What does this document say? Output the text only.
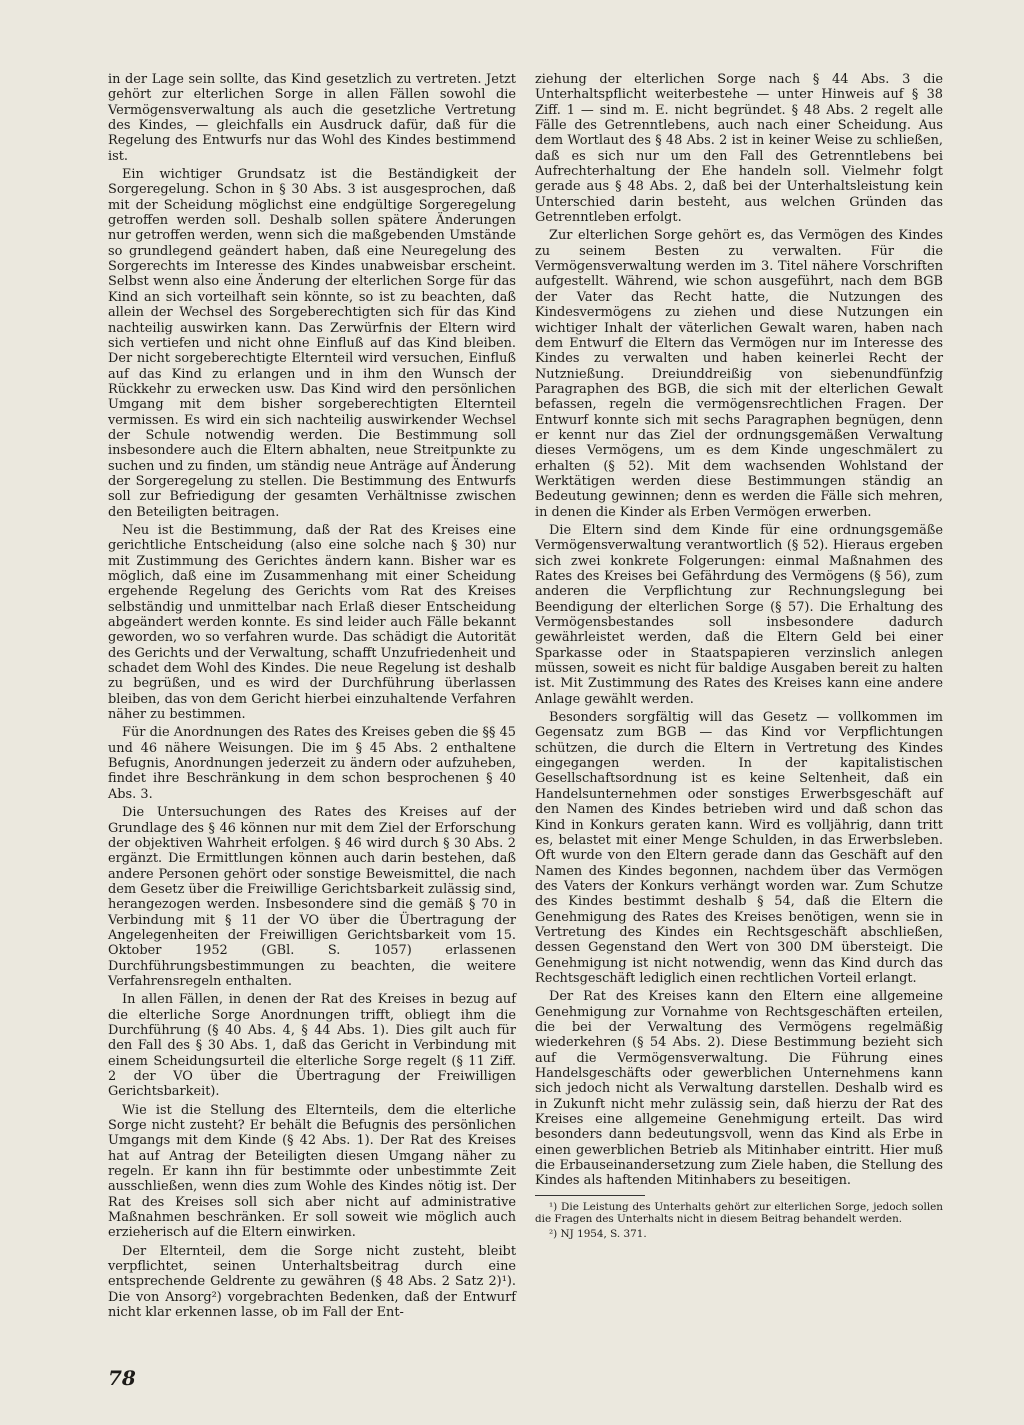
in der Lage sein sollte, das Kind gesetzlich zu vertreten. Jetzt gehört zur elterlichen Sorge in allen Fällen sowohl die Vermögensverwaltung als auch die gesetzliche Vertretung des Kindes, — gleichfalls ein Ausdruck dafür, daß für die Regelung des Entwurfs nur das Wohl des Kindes bestimmend ist.

Ein wichtiger Grundsatz ist die Beständigkeit der Sorgeregelung. Schon in § 30 Abs. 3 ist ausgesprochen, daß mit der Scheidung möglichst eine endgültige Sorgeregelung getroffen werden soll. Deshalb sollen spätere Änderungen nur getroffen werden, wenn sich die maßgebenden Umstände so grundlegend geändert haben, daß eine Neuregelung des Sorgerechts im Interesse des Kindes unabweisbar erscheint. Selbst wenn also eine Änderung der elterlichen Sorge für das Kind an sich vorteilhaft sein könnte, so ist zu beachten, daß allein der Wechsel des Sorgeberechtigten sich für das Kind nachteilig auswirken kann. Das Zerwürfnis der Eltern wird sich vertiefen und nicht ohne Einfluß auf das Kind bleiben. Der nicht sorgeberechtigte Elternteil wird versuchen, Einfluß auf das Kind zu erlangen und in ihm den Wunsch der Rückkehr zu erwecken usw. Das Kind wird den persönlichen Umgang mit dem bisher sorgeberechtigten Elternteil vermissen. Es wird ein sich nachteilig auswirkender Wechsel der Schule notwendig werden. Die Bestimmung soll insbesondere auch die Eltern abhalten, neue Streitpunkte zu suchen und zu finden, um ständig neue Anträge auf Änderung der Sorgeregelung zu stellen. Die Bestimmung des Entwurfs soll zur Befriedigung der gesamten Verhältnisse zwischen den Beteiligten beitragen.

Neu ist die Bestimmung, daß der Rat des Kreises eine gerichtliche Entscheidung (also eine solche nach § 30) nur mit Zustimmung des Gerichtes ändern kann. Bisher war es möglich, daß eine im Zusammenhang mit einer Scheidung ergehende Regelung des Gerichts vom Rat des Kreises selbständig und unmittelbar nach Erlaß dieser Entscheidung abgeändert werden konnte. Es sind leider auch Fälle bekannt geworden, wo so verfahren wurde. Das schädigt die Autorität des Gerichts und der Verwaltung, schafft Unzufriedenheit und schadet dem Wohl des Kindes. Die neue Regelung ist deshalb zu begrüßen, und es wird der Durchführung überlassen bleiben, das von dem Gericht hierbei einzuhaltende Verfahren näher zu bestimmen.

Für die Anordnungen des Rates des Kreises geben die §§ 45 und 46 nähere Weisungen. Die im § 45 Abs. 2 enthaltene Befugnis, Anordnungen jederzeit zu ändern oder aufzuheben, findet ihre Beschränkung in dem schon besprochenen § 40 Abs. 3.

Die Untersuchungen des Rates des Kreises auf der Grundlage des § 46 können nur mit dem Ziel der Erforschung der objektiven Wahrheit erfolgen. § 46 wird durch § 30 Abs. 2 ergänzt. Die Ermittlungen können auch darin bestehen, daß andere Personen gehört oder sonstige Beweismittel, die nach dem Gesetz über die Freiwillige Gerichtsbarkeit zulässig sind, herangezogen werden. Insbesondere sind die gemäß § 70 in Verbindung mit § 11 der VO über die Übertragung der Angelegenheiten der Freiwilligen Gerichtsbarkeit vom 15. Oktober 1952 (GBl. S. 1057) erlassenen Durchführungsbestimmungen zu beachten, die weitere Verfahrensregeln enthalten.

In allen Fällen, in denen der Rat des Kreises in bezug auf die elterliche Sorge Anordnungen trifft, obliegt ihm die Durchführung (§ 40 Abs. 4, § 44 Abs. 1). Dies gilt auch für den Fall des § 30 Abs. 1, daß das Gericht in Verbindung mit einem Scheidungsurteil die elterliche Sorge regelt (§ 11 Ziff. 2 der VO über die Übertragung der Freiwilligen Gerichtsbarkeit).

Wie ist die Stellung des Elternteils, dem die elterliche Sorge nicht zusteht? Er behält die Befugnis des persönlichen Umgangs mit dem Kinde (§ 42 Abs. 1). Der Rat des Kreises hat auf Antrag der Beteiligten diesen Umgang näher zu regeln. Er kann ihn für bestimmte oder unbestimmte Zeit ausschließen, wenn dies zum Wohle des Kindes nötig ist. Der Rat des Kreises soll sich aber nicht auf administrative Maßnahmen beschränken. Er soll soweit wie möglich auch erzieherisch auf die Eltern einwirken.

Der Elternteil, dem die Sorge nicht zusteht, bleibt verpflichtet, seinen Unterhaltsbeitrag durch eine entsprechende Geldrente zu gewähren (§ 48 Abs. 2 Satz 2)¹). Die von Ansorg²) vorgebrachten Bedenken, daß der Entwurf nicht klar erkennen lasse, ob im Fall der Ent-

ziehung der elterlichen Sorge nach § 44 Abs. 3 die Unterhaltspflicht weiterbestehe — unter Hinweis auf § 38 Ziff. 1 — sind m. E. nicht begründet. § 48 Abs. 2 regelt alle Fälle des Getrenntlebens, auch nach einer Scheidung. Aus dem Wortlaut des § 48 Abs. 2 ist in keiner Weise zu schließen, daß es sich nur um den Fall des Getrenntlebens bei Aufrechterhaltung der Ehe handeln soll. Vielmehr folgt gerade aus § 48 Abs. 2, daß bei der Unterhaltsleistung kein Unterschied darin besteht, aus welchen Gründen das Getrenntleben erfolgt.

Zur elterlichen Sorge gehört es, das Vermögen des Kindes zu seinem Besten zu verwalten. Für die Vermögensverwaltung werden im 3. Titel nähere Vorschriften aufgestellt. Während, wie schon ausgeführt, nach dem BGB der Vater das Recht hatte, die Nutzungen des Kindesvermögens zu ziehen und diese Nutzungen ein wichtiger Inhalt der väterlichen Gewalt waren, haben nach dem Entwurf die Eltern das Vermögen nur im Interesse des Kindes zu verwalten und haben keinerlei Recht der Nutznießung. Dreiunddreißig von siebenundfünfzig Paragraphen des BGB, die sich mit der elterlichen Gewalt befassen, regeln die vermögensrechtlichen Fragen. Der Entwurf konnte sich mit sechs Paragraphen begnügen, denn er kennt nur das Ziel der ordnungsgemäßen Verwaltung dieses Vermögens, um es dem Kinde ungeschmälert zu erhalten (§ 52). Mit dem wachsenden Wohlstand der Werktätigen werden diese Bestimmungen ständig an Bedeutung gewinnen; denn es werden die Fälle sich mehren, in denen die Kinder als Erben Vermögen erwerben.

Die Eltern sind dem Kinde für eine ordnungsgemäße Vermögensverwaltung verantwortlich (§ 52). Hieraus ergeben sich zwei konkrete Folgerungen: einmal Maßnahmen des Rates des Kreises bei Gefährdung des Vermögens (§ 56), zum anderen die Verpflichtung zur Rechnungslegung bei Beendigung der elterlichen Sorge (§ 57). Die Erhaltung des Vermögensbestandes soll insbesondere dadurch gewährleistet werden, daß die Eltern Geld bei einer Sparkasse oder in Staatspapieren verzinslich anlegen müssen, soweit es nicht für baldige Ausgaben bereit zu halten ist. Mit Zustimmung des Rates des Kreises kann eine andere Anlage gewählt werden.

Besonders sorgfältig will das Gesetz — vollkommen im Gegensatz zum BGB — das Kind vor Verpflichtungen schützen, die durch die Eltern in Vertretung des Kindes eingegangen werden. In der kapitalistischen Gesellschaftsordnung ist es keine Seltenheit, daß ein Handelsunternehmen oder sonstiges Erwerbsgeschäft auf den Namen des Kindes betrieben wird und daß schon das Kind in Konkurs geraten kann. Wird es volljährig, dann tritt es, belastet mit einer Menge Schulden, in das Erwerbsleben. Oft wurde von den Eltern gerade dann das Geschäft auf den Namen des Kindes begonnen, nachdem über das Vermögen des Vaters der Konkurs verhängt worden war. Zum Schutze des Kindes bestimmt deshalb § 54, daß die Eltern die Genehmigung des Rates des Kreises benötigen, wenn sie in Vertretung des Kindes ein Rechtsgeschäft abschließen, dessen Gegenstand den Wert von 300 DM übersteigt. Die Genehmigung ist nicht notwendig, wenn das Kind durch das Rechtsgeschäft lediglich einen rechtlichen Vorteil erlangt.

Der Rat des Kreises kann den Eltern eine allgemeine Genehmigung zur Vornahme von Rechtsgeschäften erteilen, die bei der Verwaltung des Vermögens regelmäßig wiederkehren (§ 54 Abs. 2). Diese Bestimmung bezieht sich auf die Vermögensverwaltung. Die Führung eines Handelsgeschäfts oder gewerblichen Unternehmens kann sich jedoch nicht als Verwaltung darstellen. Deshalb wird es in Zukunft nicht mehr zulässig sein, daß hierzu der Rat des Kreises eine allgemeine Genehmigung erteilt. Das wird besonders dann bedeutungsvoll, wenn das Kind als Erbe in einen gewerblichen Betrieb als Mitinhaber eintritt. Hier muß die Erbauseinandersetzung zum Ziele haben, die Stellung des Kindes als haftenden Mitinhabers zu beseitigen.

¹) Die Leistung des Unterhalts gehört zur elterlichen Sorge, jedoch sollen die Fragen des Unterhalts nicht in diesem Beitrag behandelt werden.

²) NJ 1954, S. 371.

78
